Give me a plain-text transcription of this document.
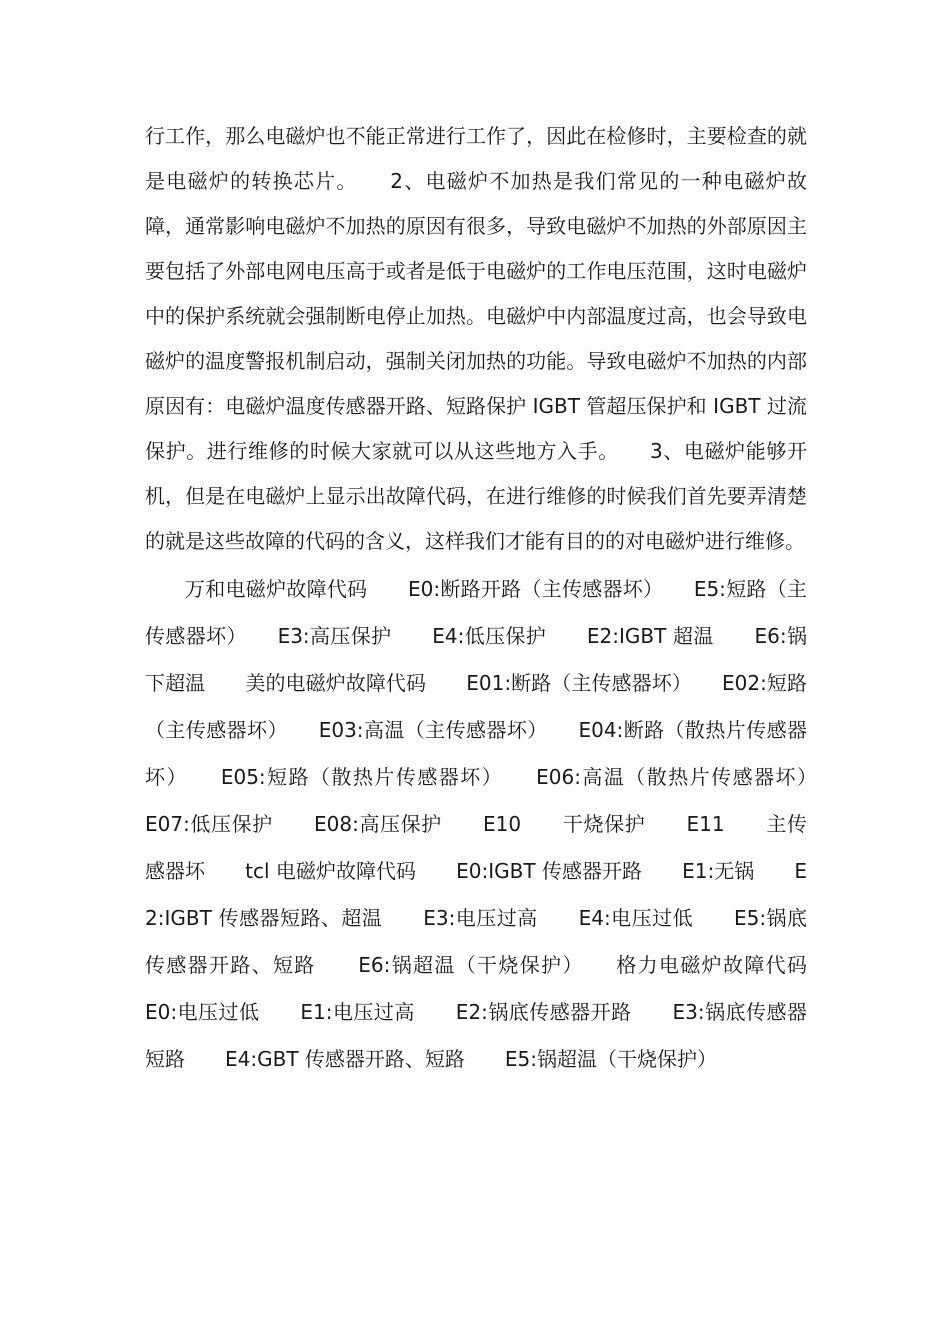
行工作，那么电磁炉也不能正常进行工作了，因此在检修时，主要检查的就是电磁炉的转换芯片。　　2、电磁炉不加热是我们常见的一种电磁炉故障，通常影响电磁炉不加热的原因有很多，导致电磁炉不加热的外部原因主要包括了外部电网电压高于或者是低于电磁炉的工作电压范围，这时电磁炉中的保护系统就会强制断电停止加热。电磁炉中内部温度过高，也会导致电磁炉的温度警报机制启动，强制关闭加热的功能。导致电磁炉不加热的内部原因有：电磁炉温度传感器开路、短路保护 IGBT 管超压保护和 IGBT 过流保护。进行维修的时候大家就可以从这些地方入手。　　3、电磁炉能够开机，但是在电磁炉上显示出故障代码，在进行维修的时候我们首先要弄清楚的就是这些故障的代码的含义，这样我们才能有目的的对电磁炉进行维修。

万和电磁炉故障代码　　E0:断路开路（主传感器坏）　　E5:短路（主传感器坏）　　E3:高压保护　　E4:低压保护　　E2:IGBT 超温　　E6:锅下超温　　美的电磁炉故障代码　　E01:断路（主传感器坏）　　E02:短路（主传感器坏）　　E03:高温（主传感器坏）　　E04:断路（散热片传感器坏）　　E05:短路（散热片传感器坏）　　E06:高温（散热片传感器坏）　　E07:低压保护　　E08:高压保护　　E10　　干烧保护　　E11　　主传感器坏　　tcl 电磁炉故障代码　　E0:IGBT 传感器开路　　E1:无锅　　E2:IGBT 传感器短路、超温　　E3:电压过高　　E4:电压过低　　E5:锅底传感器开路、短路　　E6:锅超温（干烧保护）　　格力电磁炉故障代码　　E0:电压过低　　E1:电压过高　　E2:锅底传感器开路　　E3:锅底传感器短路　　E4:GBT 传感器开路、短路　　E5:锅超温（干烧保护）
